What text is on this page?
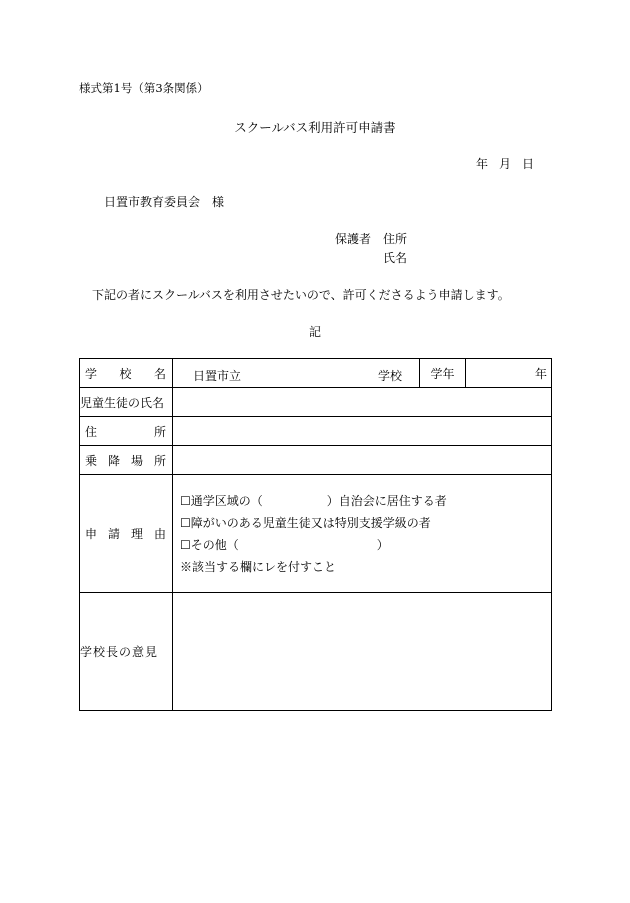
様式第1号（第3条関係）
スクールバス利用許可申請書
年 月 日
日置市教育委員会　様
保護者　住所
氏名
下記の者にスクールバスを利用させたいので、許可くださるよう申請します。
記
学 校 名	日置市立 学校	学年	年
児童生徒の氏名			

住 所			

乗 降 場 所			

申 請 理 由	☐通学区域の（ ）自治会に居住する者
☐障がいのある児童生徒又は特別支援学級の者
☐その他（ ）
※該当する欄にレを付すこと		

学校長の意見			
